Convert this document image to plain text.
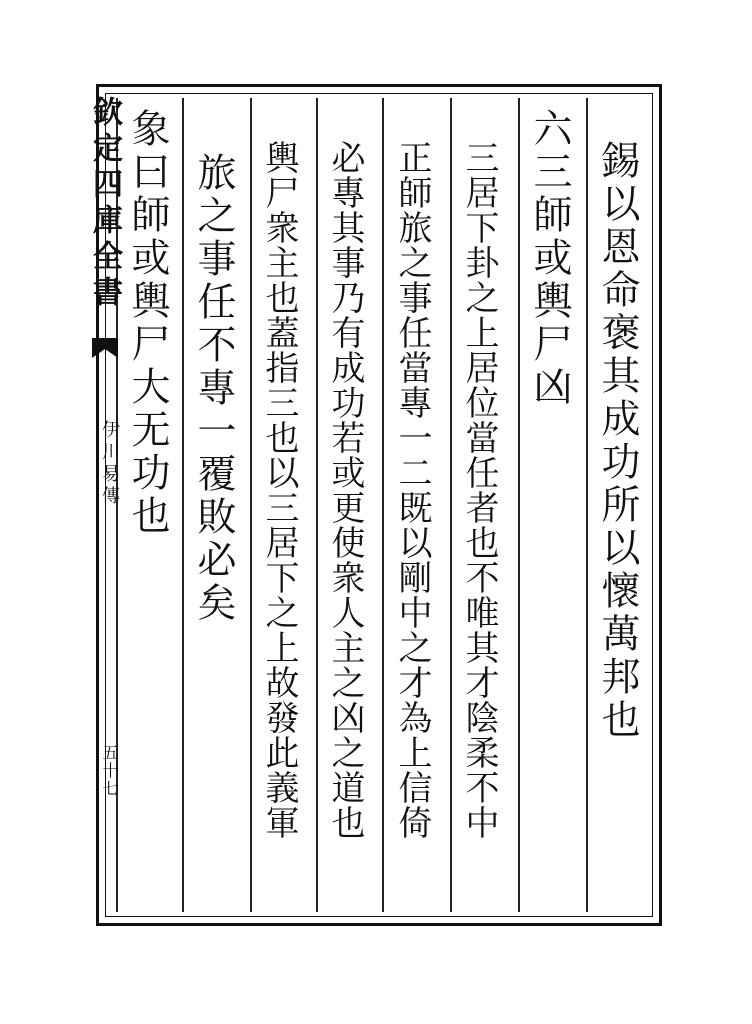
欽定四庫全書
伊川易傳
五十七
錫以恩命褒其成功所以懷萬邦也
六三師或輿尸凶
三居下卦之上居位當任者也不唯其才陰柔不中
正師旅之事任當專一二既以剛中之才為上信倚
必專其事乃有成功若或更使衆人主之凶之道也
輿尸衆主也蓋指三也以三居下之上故發此義軍
旅之事任不專一覆敗必矣
象曰師或輿尸大无功也
